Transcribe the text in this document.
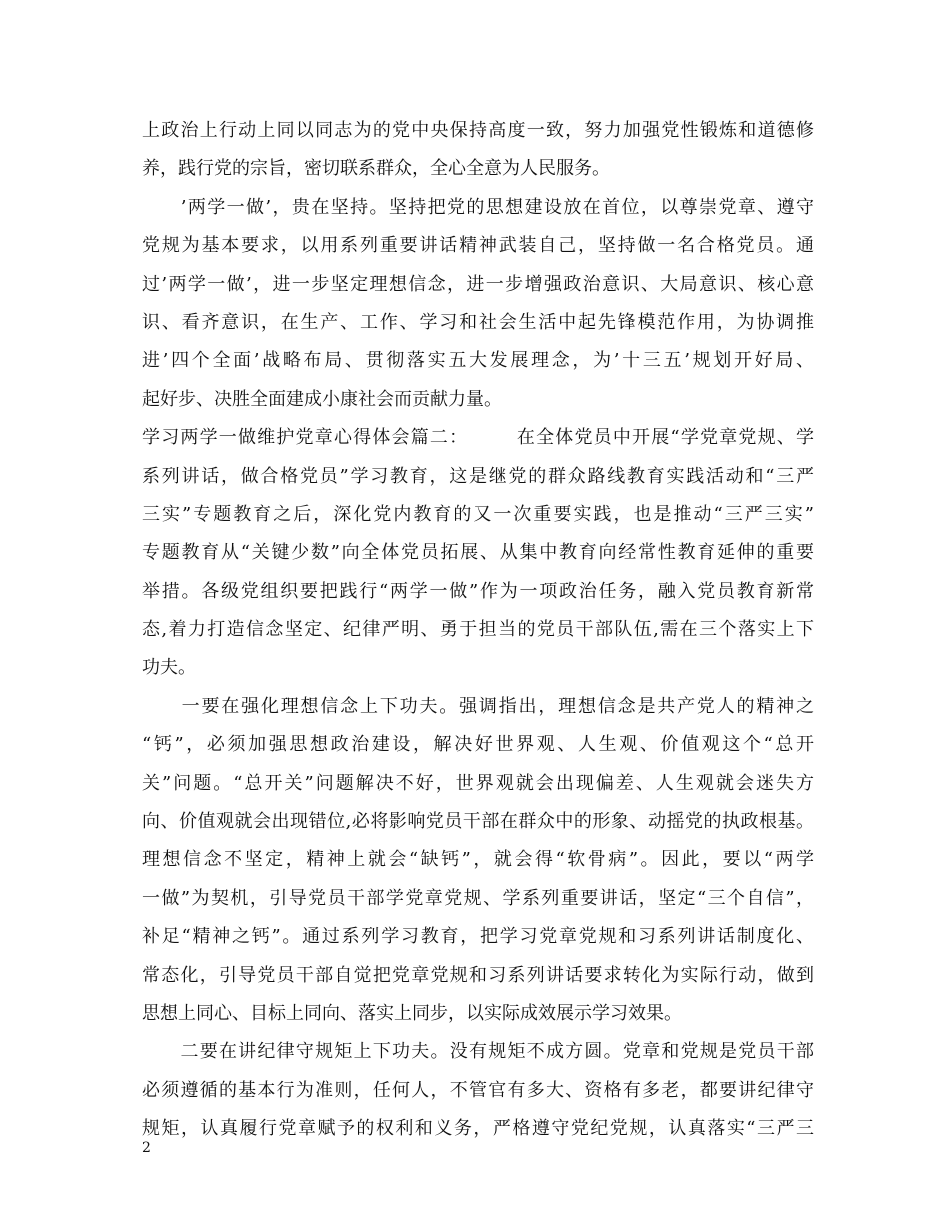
上政治上行动上同以同志为的党中央保持高度一致，努力加强党性锻炼和道德修
养，践行党的宗旨，密切联系群众，全心全意为人民服务。
　　’两学一做’，贵在坚持。坚持把党的思想建设放在首位，以尊崇党章、遵守
党规为基本要求，以用系列重要讲话精神武装自己，坚持做一名合格党员。通
过’两学一做’，进一步坚定理想信念，进一步增强政治意识、大局意识、核心意
识、看齐意识，在生产、工作、学习和社会生活中起先锋模范作用，为协调推
进’四个全面’战略布局、贯彻落实五大发展理念，为’十三五’规划开好局、
起好步、决胜全面建成小康社会而贡献力量。
学习两学一做维护党章心得体会篇二：　　　在全体党员中开展“学党章党规、学
系列讲话，做合格党员”学习教育，这是继党的群众路线教育实践活动和“三严
三实”专题教育之后，深化党内教育的又一次重要实践，也是推动“三严三实”
专题教育从“关键少数”向全体党员拓展、从集中教育向经常性教育延伸的重要
举措。各级党组织要把践行“两学一做”作为一项政治任务，融入党员教育新常
态,着力打造信念坚定、纪律严明、勇于担当的党员干部队伍,需在三个落实上下
功夫。
　　一要在强化理想信念上下功夫。强调指出，理想信念是共产党人的精神之
“钙”，必须加强思想政治建设，解决好世界观、人生观、价值观这个“总开
关”问题。“总开关”问题解决不好，世界观就会出现偏差、人生观就会迷失方
向、价值观就会出现错位,必将影响党员干部在群众中的形象、动摇党的执政根基。
理想信念不坚定，精神上就会“缺钙”，就会得“软骨病”。因此，要以“两学
一做”为契机，引导党员干部学党章党规、学系列重要讲话，坚定“三个自信”，
补足“精神之钙”。通过系列学习教育，把学习党章党规和习系列讲话制度化、
常态化，引导党员干部自觉把党章党规和习系列讲话要求转化为实际行动，做到
思想上同心、目标上同向、落实上同步，以实际成效展示学习效果。
　　二要在讲纪律守规矩上下功夫。没有规矩不成方圆。党章和党规是党员干部
必须遵循的基本行为准则，任何人，不管官有多大、资格有多老，都要讲纪律守
规矩，认真履行党章赋予的权利和义务，严格遵守党纪党规，认真落实“三严三
2
